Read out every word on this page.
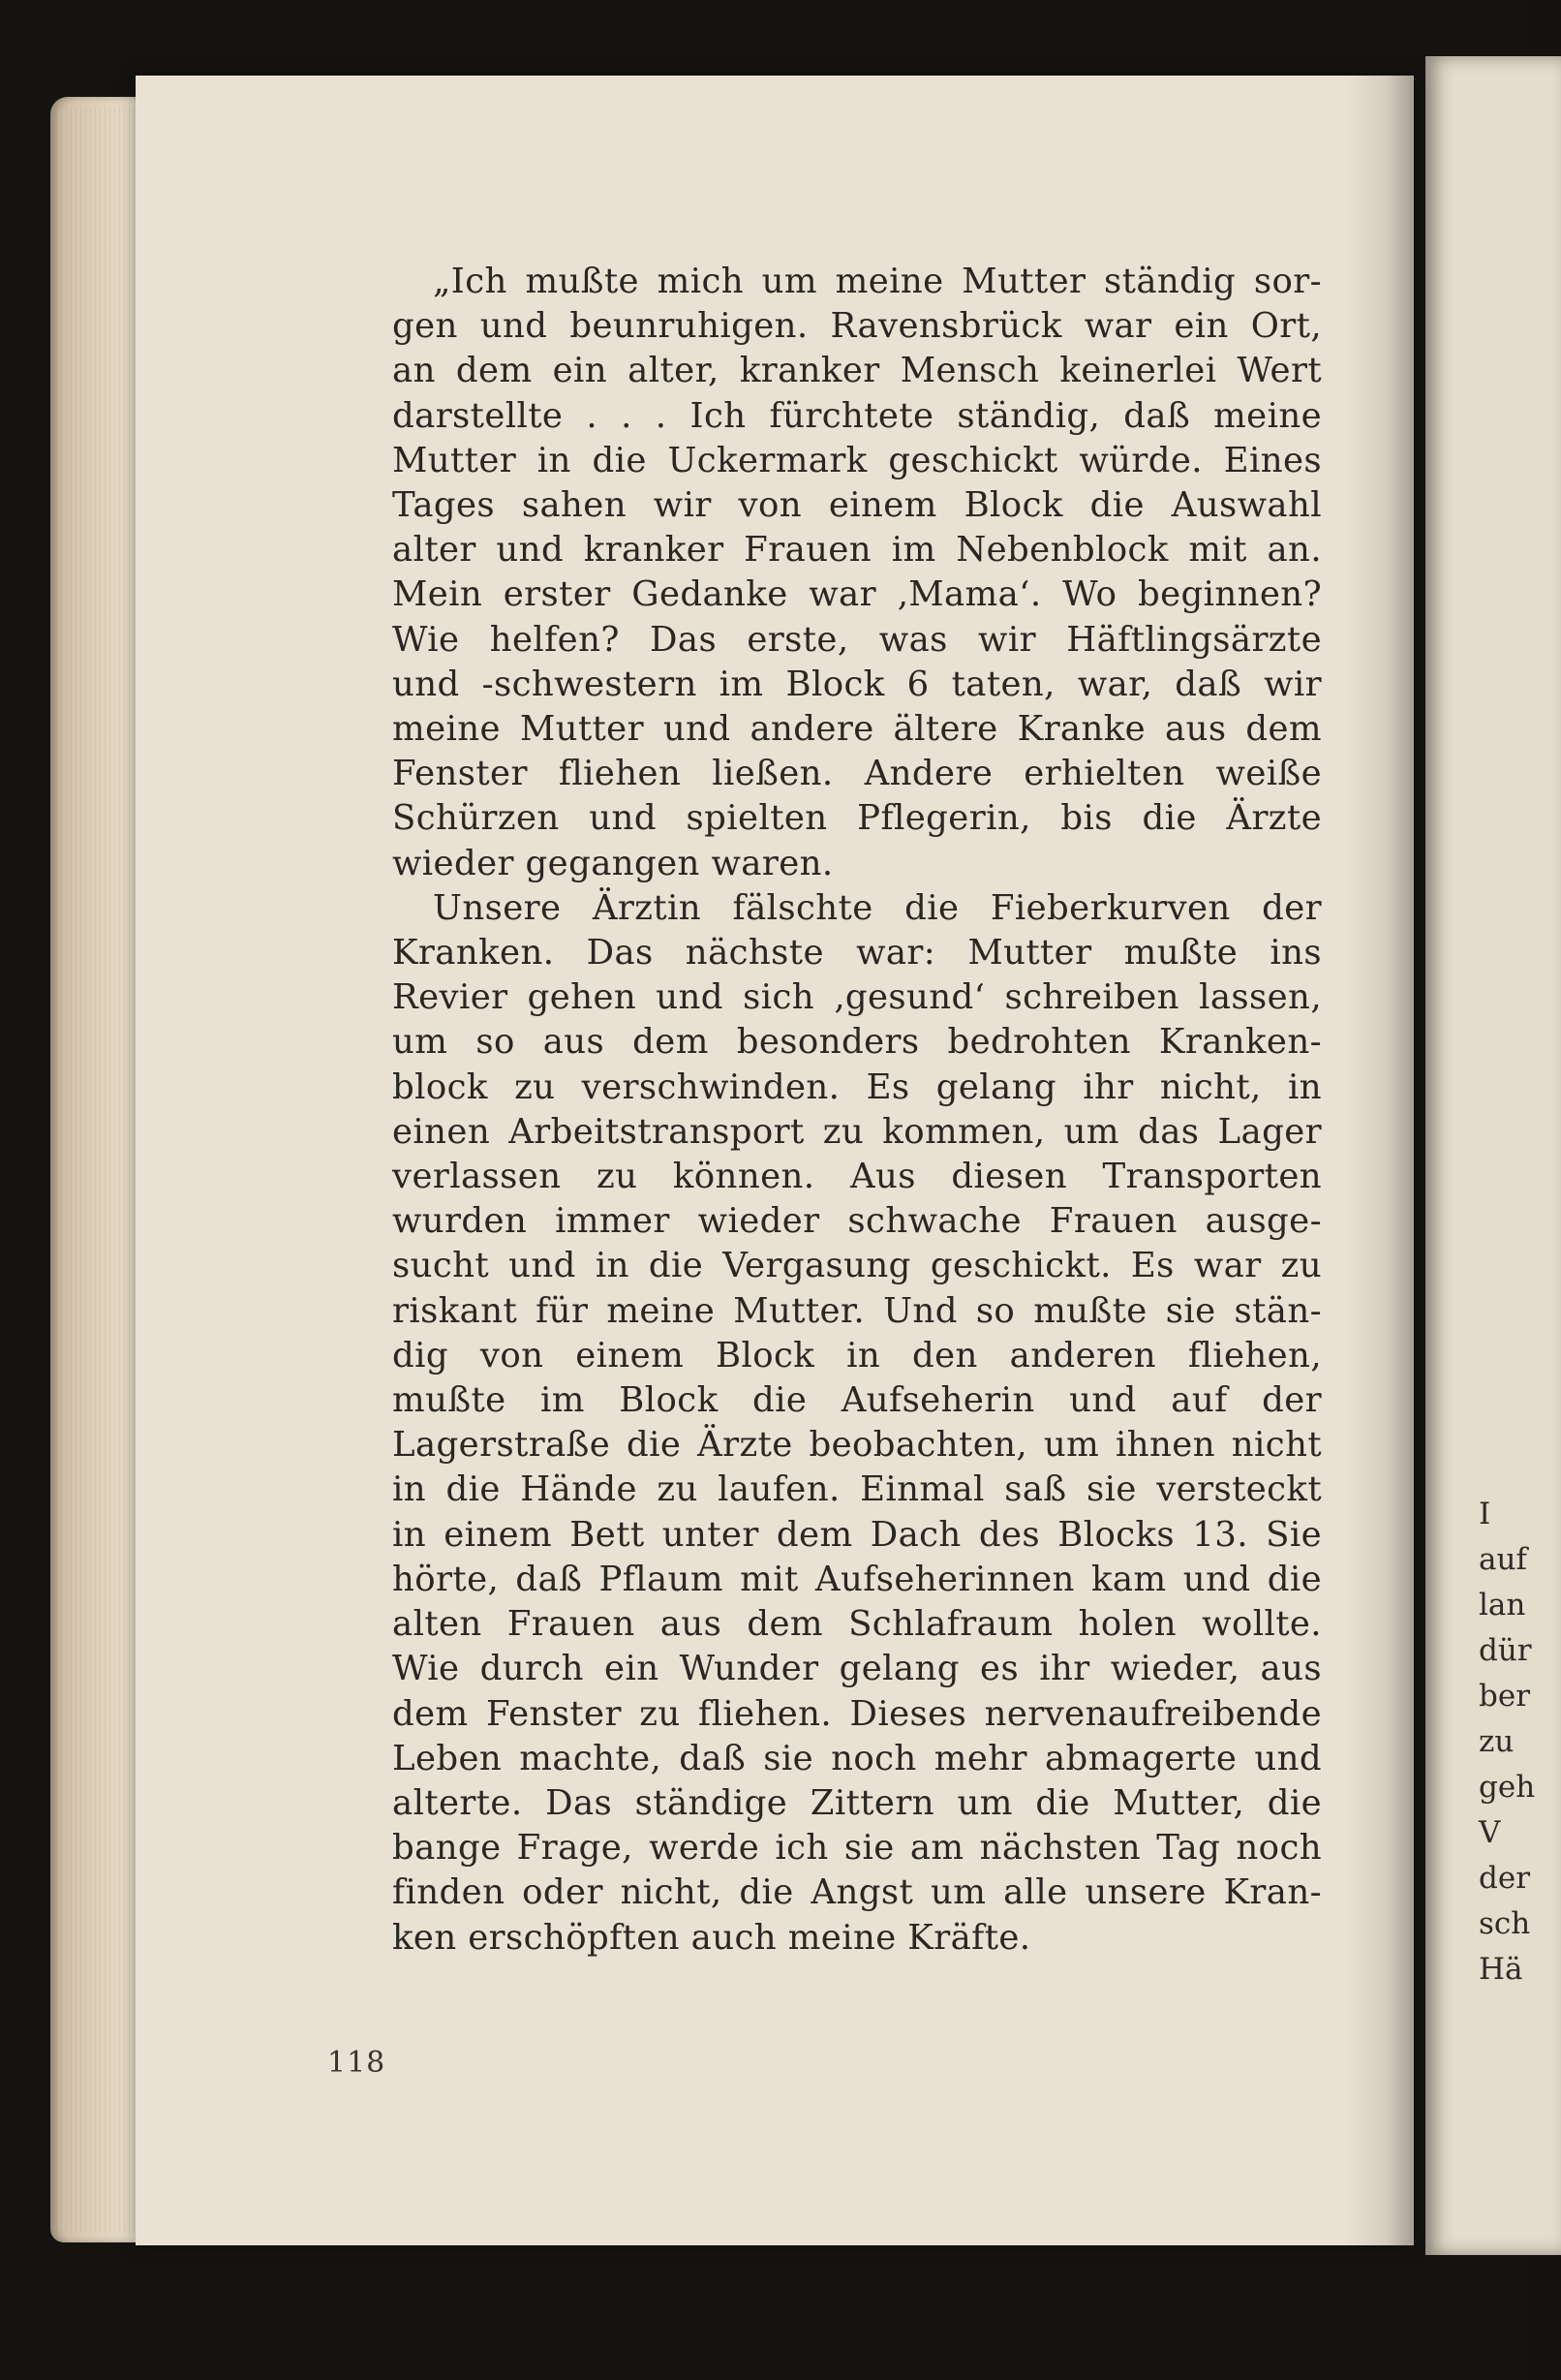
„Ich mußte mich um meine Mutter ständig sor-
gen und beunruhigen. Ravensbrück war ein Ort,
an dem ein alter, kranker Mensch keinerlei Wert
darstellte . . . Ich fürchtete ständig, daß meine
Mutter in die Uckermark geschickt würde. Eines
Tages sahen wir von einem Block die Auswahl
alter und kranker Frauen im Nebenblock mit an.
Mein erster Gedanke war ‚Mama‘. Wo beginnen?
Wie helfen? Das erste, was wir Häftlingsärzte
und -schwestern im Block 6 taten, war, daß wir
meine Mutter und andere ältere Kranke aus dem
Fenster fliehen ließen. Andere erhielten weiße
Schürzen und spielten Pflegerin, bis die Ärzte
wieder gegangen waren.
Unsere Ärztin fälschte die Fieberkurven der
Kranken. Das nächste war: Mutter mußte ins
Revier gehen und sich ‚gesund‘ schreiben lassen,
um so aus dem besonders bedrohten Kranken-
block zu verschwinden. Es gelang ihr nicht, in
einen Arbeitstransport zu kommen, um das Lager
verlassen zu können. Aus diesen Transporten
wurden immer wieder schwache Frauen ausge-
sucht und in die Vergasung geschickt. Es war zu
riskant für meine Mutter. Und so mußte sie stän-
dig von einem Block in den anderen fliehen,
mußte im Block die Aufseherin und auf der
Lagerstraße die Ärzte beobachten, um ihnen nicht
in die Hände zu laufen. Einmal saß sie versteckt
in einem Bett unter dem Dach des Blocks 13. Sie
hörte, daß Pflaum mit Aufseherinnen kam und die
alten Frauen aus dem Schlafraum holen wollte.
Wie durch ein Wunder gelang es ihr wieder, aus
dem Fenster zu fliehen. Dieses nervenaufreibende
Leben machte, daß sie noch mehr abmagerte und
alterte. Das ständige Zittern um die Mutter, die
bange Frage, werde ich sie am nächsten Tag noch
finden oder nicht, die Angst um alle unsere Kran-
ken erschöpften auch meine Kräfte.
118
I
auf
lan
dür
ber
zu
geh
V
der
sch
Hä
